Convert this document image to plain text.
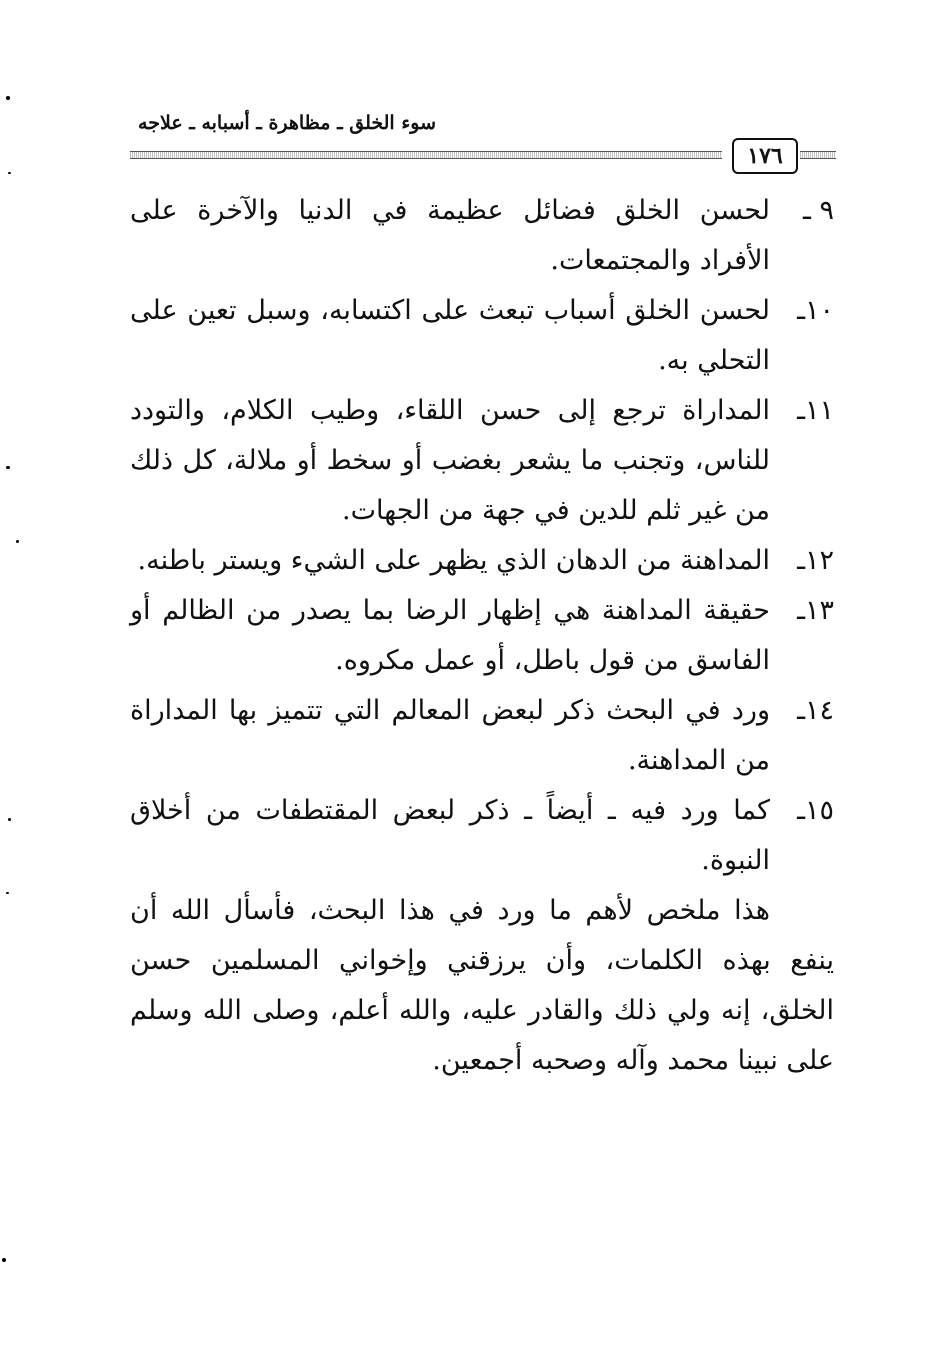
سوء الخلق ـ مظاهرة ـ أسبابه ـ علاجه
١٧٦
٩ ـ
لحسن الخلق فضائل عظيمة في الدنيا والآخرة على الأفراد والمجتمعات.
١٠ـ
لحسن الخلق أسباب تبعث على اكتسابه، وسبل تعين على التحلي به.
١١ـ
المداراة ترجع إلى حسن اللقاء، وطيب الكلام، والتودد للناس، وتجنب ما يشعر بغضب أو سخط أو ملالة، كل ذلك من غير ثلم للدين في جهة من الجهات.
١٢ـ
المداهنة من الدهان الذي يظهر على الشيء ويستر باطنه.
١٣ـ
حقيقة المداهنة هي إظهار الرضا بما يصدر من الظالم أو الفاسق من قول باطل، أو عمل مكروه.
١٤ـ
ورد في البحث ذكر لبعض المعالم التي تتميز بها المداراة من المداهنة.
١٥ـ
كما ورد فيه ـ أيضاً ـ ذكر لبعض المقتطفات من أخلاق النبوة.

هذا ملخص لأهم ما ورد في هذا البحث، فأسأل الله أن ينفع بهذه الكلمات، وأن يرزقني وإخواني المسلمين حسن الخلق، إنه ولي ذلك والقادر عليه، والله أعلم، وصلى الله وسلم على نبينا محمد وآله وصحبه أجمعين.
